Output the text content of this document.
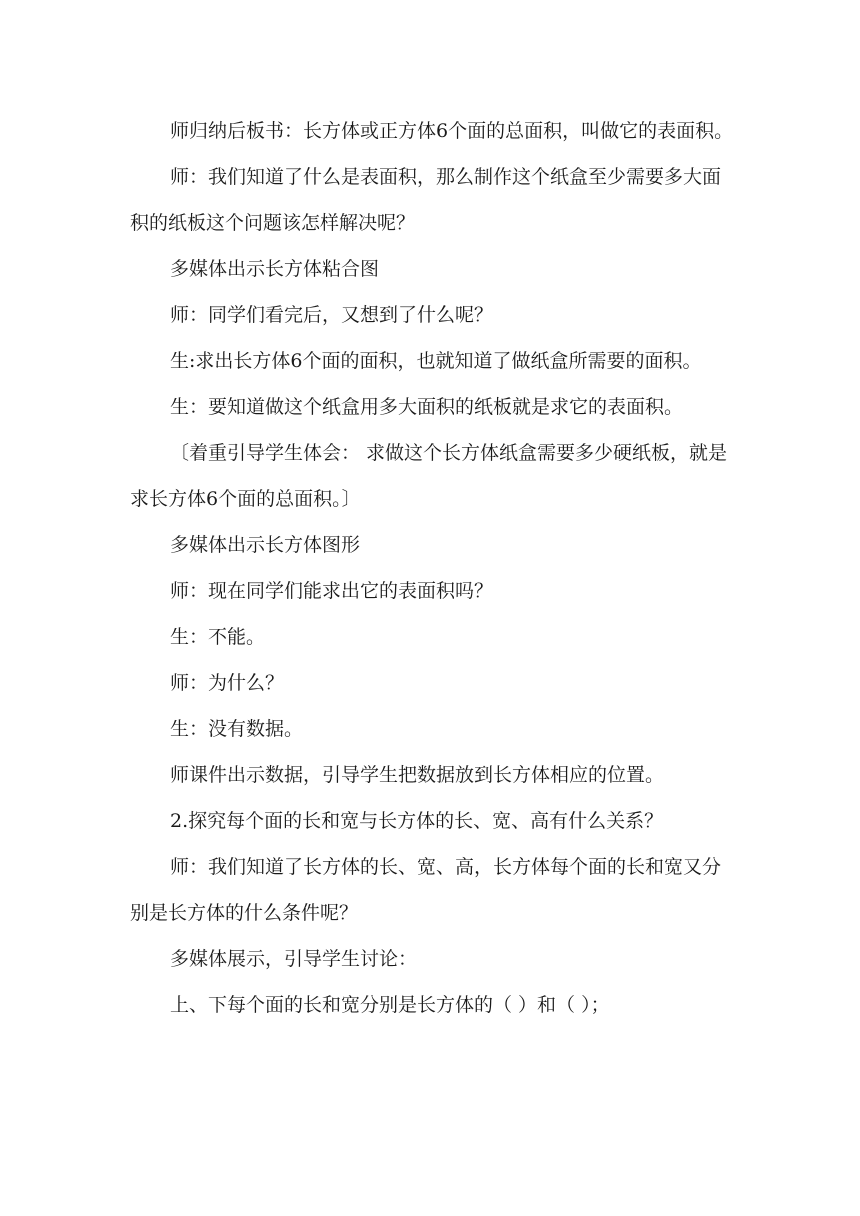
师归纳后板书：长方体或正方体6个面的总面积，叫做它的表面积。

师：我们知道了什么是表面积，那么制作这个纸盒至少需要多大面积的纸板这个问题该怎样解决呢？

多媒体出示长方体粘合图

师：同学们看完后，又想到了什么呢？

生:求出长方体6个面的面积，也就知道了做纸盒所需要的面积。

生：要知道做这个纸盒用多大面积的纸板就是求它的表面积。

〔着重引导学生体会： 求做这个长方体纸盒需要多少硬纸板，就是求长方体6个面的总面积。〕

多媒体出示长方体图形

师：现在同学们能求出它的表面积吗？

生：不能。

师：为什么？

生：没有数据。

师课件出示数据，引导学生把数据放到长方体相应的位置。

2.探究每个面的长和宽与长方体的长、宽、高有什么关系？

师：我们知道了长方体的长、宽、高，长方体每个面的长和宽又分别是长方体的什么条件呢？

多媒体展示，引导学生讨论：

上、下每个面的长和宽分别是长方体的（ ）和（ ）；
